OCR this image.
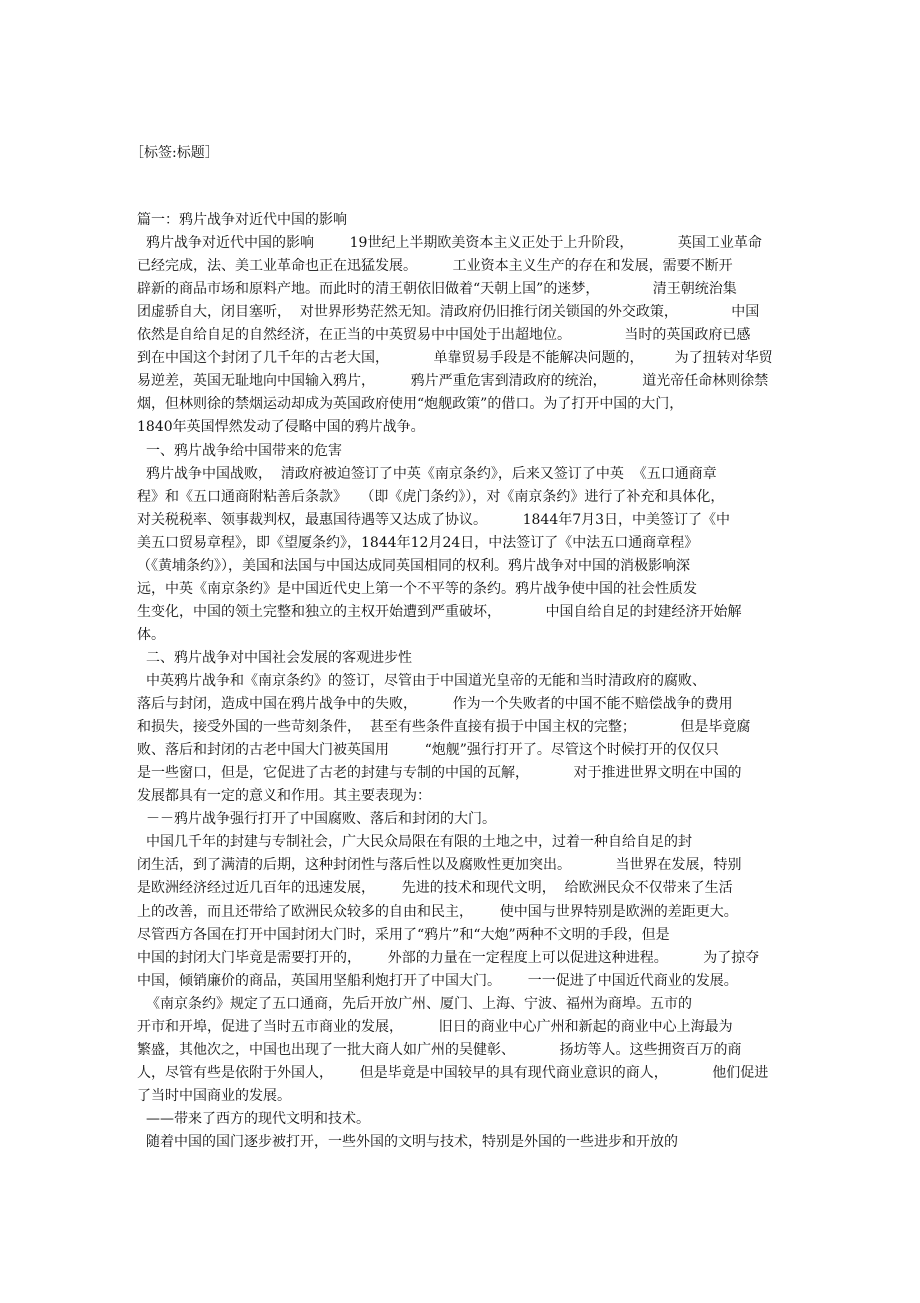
［标签:标题］
篇一：鸦片战争对近代中国的影响
鸦片战争对近代中国的影响        19世纪上半期欧美资本主义正处于上升阶段，          英国工业革命
已经完成，法、美工业革命也正在迅猛发展。        工业资本主义生产的存在和发展，需要不断开
辟新的商品市场和原料产地。而此时的清王朝依旧做着“天朝上国”的迷梦，            清王朝统治集
团虚骄自大，闭目塞听，  对世界形势茫然无知。清政府仍旧推行闭关锁国的外交政策，            中国
依然是自给自足的自然经济，在正当的中英贸易中中国处于出超地位。            当时的英国政府已感
到在中国这个封闭了几千年的古老大国，          单靠贸易手段是不能解决问题的，       为了扭转对华贸
易逆差，英国无耻地向中国输入鸦片，        鸦片严重危害到清政府的统治，        道光帝任命林则徐禁
烟，但林则徐的禁烟运动却成为英国政府使用“炮舰政策”的借口。为了打开中国的大门，
1840年英国悍然发动了侵略中国的鸦片战争。
一、鸦片战争给中国带来的危害
鸦片战争中国战败，  清政府被迫签订了中英《南京条约》，后来又签订了中英  《五口通商章
程》和《五口通商附粘善后条款》   （即《虎门条约》），对《南京条约》进行了补充和具体化，
对关税税率、领事裁判权，最惠国待遇等又达成了协议。        1844年7月3日，中美签订了《中
美五口贸易章程》，即《望厦条约》，1844年12月24日，中法签订了《中法五口通商章程》
（《黄埔条约》），美国和法国与中国达成同英国相同的权利。鸦片战争对中国的消极影响深
远，中英《南京条约》是中国近代史上第一个不平等的条约。鸦片战争使中国的社会性质发
生变化，中国的领土完整和独立的主权开始遭到严重破坏，          中国自给自足的封建经济开始解
体。
二、鸦片战争对中国社会发展的客观进步性
中英鸦片战争和《南京条约》的签订，尽管由于中国道光皇帝的无能和当时清政府的腐败、
落后与封闭，造成中国在鸦片战争中的失败，        作为一个失败者的中国不能不赔偿战争的费用
和损失，接受外国的一些苛刻条件，  甚至有些条件直接有损于中国主权的完整；          但是毕竟腐
败、落后和封闭的古老中国大门被英国用        “炮舰”强行打开了。尽管这个时候打开的仅仅只
是一些窗口，但是，它促进了古老的封建与专制的中国的瓦解，          对于推进世界文明在中国的
发展都具有一定的意义和作用。其主要表现为：
－－鸦片战争强行打开了中国腐败、落后和封闭的大门。
中国几千年的封建与专制社会，广大民众局限在有限的土地之中，过着一种自给自足的封
闭生活，到了满清的后期，这种封闭性与落后性以及腐败性更加突出。          当世界在发展，特别
是欧洲经济经过近几百年的迅速发展，      先进的技术和现代文明，  给欧洲民众不仅带来了生活
上的改善，而且还带给了欧洲民众较多的自由和民主，      使中国与世界特别是欧洲的差距更大。
尽管西方各国在打开中国封闭大门时，采用了“鸦片”和“大炮”两种不文明的手段，但是
中国的封闭大门毕竟是需要打开的，      外部的力量在一定程度上可以促进这种进程。        为了掠夺
中国，倾销廉价的商品，英国用坚船利炮打开了中国大门。      一一促进了中国近代商业的发展。
《南京条约》规定了五口通商，先后开放广州、厦门、上海、宁波、福州为商埠。五市的
开市和开埠，促进了当时五市商业的发展，        旧日的商业中心广州和新起的商业中心上海最为
繁盛，其他次之，中国也出现了一批大商人如广州的吴健彰、          扬坊等人。这些拥资百万的商
人，尽管有些是依附于外国人，      但是毕竟是中国较早的具有现代商业意识的商人，          他们促进
了当时中国商业的发展。
——带来了西方的现代文明和技术。
随着中国的国门逐步被打开，一些外国的文明与技术，特别是外国的一些进步和开放的
